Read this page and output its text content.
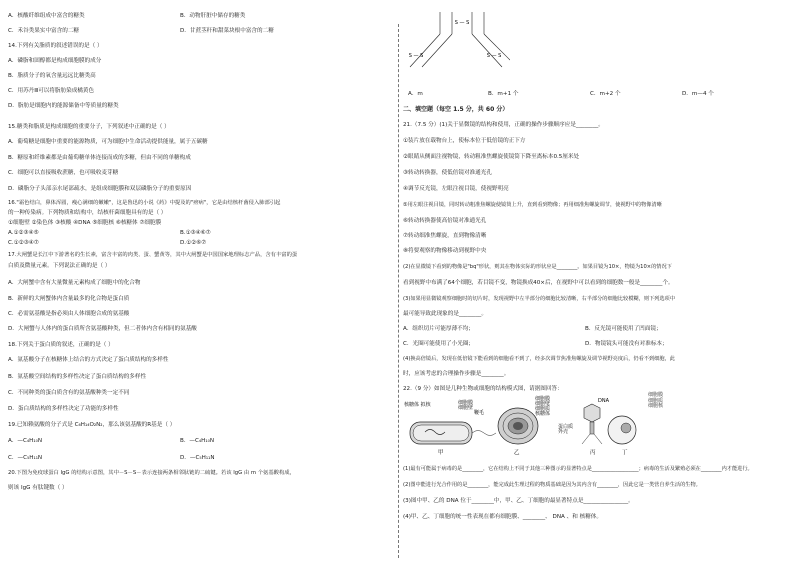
A．核酸纤维组成中富含的糖类	B．动物肝脏中储存的糖类
C．禾谷类果实中富含的二糖	D．甘蔗茎秆和甜菜块根中富含的二糖
14.下列有关脂质的叙述错误的是（ ）
A．磷脂和固醇都是构成细胞膜的成分
B．脂质分子的氧含量远远比糖类高
C．用苏丹Ⅲ可以将脂肪染成橘黄色
D．脂肪是细胞内的能源储备中等质量的糖类
15.糖类和脂质是构成细胞的重要分子，下列叙述中正确的是（ ）
A．葡萄糖是细胞中重要的能源物质，可为细胞中生命活动提供能量，属于五碳糖
B．糖原和纤维素都是由葡萄糖单体连接而成的多糖，但由不同的单糖构成
C．细胞可以直接吸收蔗糖，也可吸收麦芽糖
D．磷脂分子头部亲水尾部疏水，是组成细胞膜和双层磷脂分子的重要原因
16."霜色结白，鼻体浑圆，瘦心满细的嫩嫩"，这是鲁迅的小说《药》中提及的"痨病"，它是由结核杆菌侵入肺部引起
的一种传染病。下列物质和结构中，结核杆菌细胞具有的是（ ）
①细胞壁 ②染色体 ③核酸 ④DNA ⑤细胞核 ⑥核糖体 ⑦细胞膜
A.①②③④⑤	B.①③④⑥⑦
C.①②③④⑦	D.①②⑥⑦
17.大闸蟹是长江中下游著名的生长素，富含丰富的肉类、蛋、蟹黄等，其中大闸蟹是中国国家地理标志产品，含有丰富的蛋
白质及微量元素。下列说法正确的是（ ）
A．大闸蟹中含有大量微量元素构成了细胞中的化合物
B．新鲜的大闸蟹体内含量最多的化合物是蛋白质
C．必需氨基酸是指必须由人体细胞合成的氨基酸
D．大闸蟹与人体内的蛋白质所含氨基酸种类，但二者体内含有相同的氨基酸
18.下列关于蛋白质的叙述，正确的是（ ）
A．氨基酸分子在核糖体上结合的方式决定了蛋白质结构的多样性
B．氨基酸空间结构的多样性决定了蛋白质结构的多样性
C．不同种类的蛋白质含有的氨基酸种类一定不同
D．蛋白质结构的多样性决定了功能的多样性
19.已知赖氨酸的分子式是 C₆H₁₄O₂N₂，那么该氨基酸的R基是（ ）
A．—C₄H₁₀N	B．—C₄H₁₀N
C．—C₅H₁₁N	D．—C₅H₁₁N
20.下图为免疫球蛋白 IgG 的结构示意图，其中－S－S－表示连接两条相邻肽链的二硫键。若该 IgG 由 m 个氨基酸构成，
则该 IgG 有肽键数（ ）
S — S
S — S	S — S
A．m	B．m+1 个	C．m+2 个	D．m—4 个
二、填空题（每空 1.5 分，共 60 分）
21.（7.5 分）(1)关于显微镜的结构和使用，正确的操作步骤顺序应是________。
①装片放在载物台上，使标本位于低倍镜的正下方
②眼睛从侧面注视物镜，转动粗准焦螺旋使镜筒下降至离标本0.5厘米处
③转动转换器，使低倍镜对准通光孔
④调节反光镜，左眼注视目镜，使视野明亮
⑤用左眼注视目镜，同时转动粗准焦螺旋使镜筒上升，直到看到物像；再用细准焦螺旋调节，使视野中的物像清晰
⑥转动转换器使高倍镜对准通光孔
⑦转动细准焦螺旋，直到物像清晰
⑧将要观察的物像移动到视野中央
(2)在显微镜下看到的物像是"bq"形状，则其在物体实际的形状应是________。如果目镜为10×，物镜为10×的情况下
看到视野中布满了64个细胞，若目镜不变，物镜换成40×后，在视野中可以看到的细胞数一般是________个。
(3)如果用显微镜观察细胞时的切片时，发现视野中左半部分的细胞比较清晰，右半部分的细胞比较模糊，则下列选项中
最可能导致此现象的是________。
A．组织切片可能厚薄不均；	B．反光镜可能使用了凹面镜；
C．光圈可能使用了小光圈；	D．物镜镜头可能没有对准标本；
(4)换高倍镜后，发现在低倍镜下能看到的细胞看不到了，经多次调节焦准焦螺旋及调节视野亮度后，仍看不到细胞，此
时，应该考虑的合理操作步骤是________。
22.（9 分）如图是几种生物或细胞的结构模式图，请据图回答：
核糖体 拟核	细胞膜细胞壁鞭毛
甲
细胞膜细胞壁细胞质核糖体
乙
DNA
蛋白质外壳
丙	丁
细胞膜
细胞质
细胞核
(1)最有可能属于病毒的是________，它在结构上不同于其他三种图示的显著特点是__________________；病毒的生活及繁殖必须在________内才能进行。
(2)图中能进行光合作用的是________，能完成此生理过程的物质基础是因为其内含有________，因此它是一类营自养生活的生物。
(3)图中甲、乙的 DNA 位于________中，甲、乙、丁细胞的最显著特点是________________。
(4)甲、乙、丁细胞的统一性表现在都有细胞膜、________、 DNA 、和 核糖体。
